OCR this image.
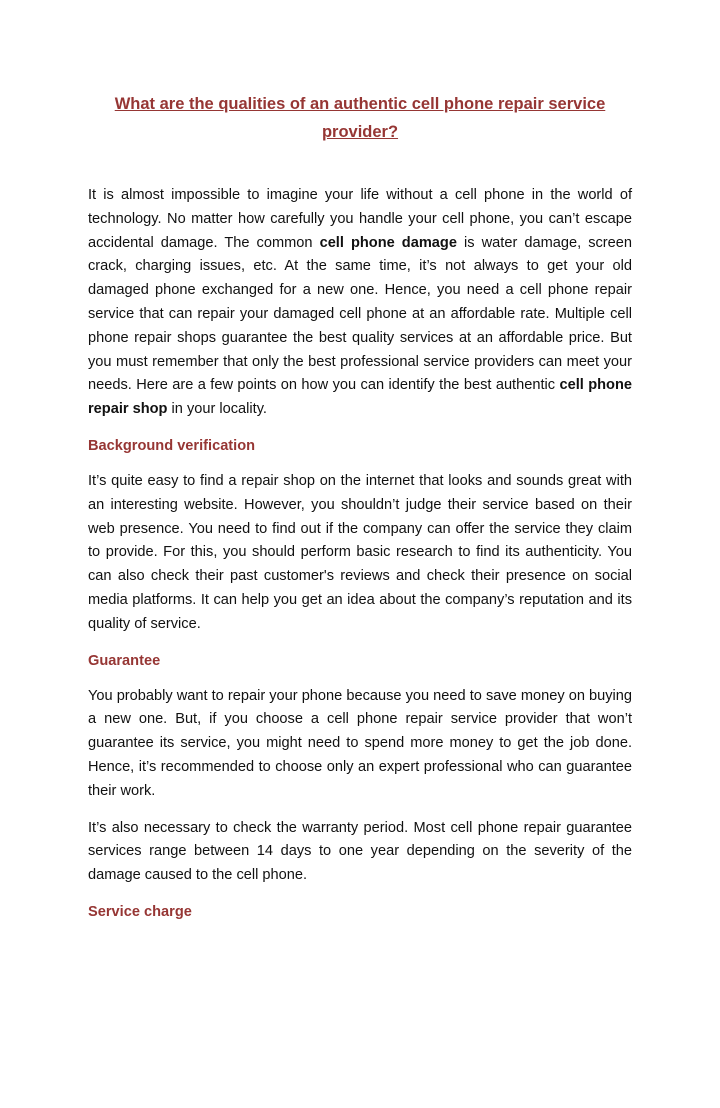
What are the qualities of an authentic cell phone repair service provider?

It is almost impossible to imagine your life without a cell phone in the world of technology. No matter how carefully you handle your cell phone, you can’t escape accidental damage. The common cell phone damage is water damage, screen crack, charging issues, etc. At the same time, it’s not always to get your old damaged phone exchanged for a new one. Hence, you need a cell phone repair service that can repair your damaged cell phone at an affordable rate. Multiple cell phone repair shops guarantee the best quality services at an affordable price. But you must remember that only the best professional service providers can meet your needs. Here are a few points on how you can identify the best authentic cell phone repair shop in your locality.

Background verification

It’s quite easy to find a repair shop on the internet that looks and sounds great with an interesting website. However, you shouldn’t judge their service based on their web presence. You need to find out if the company can offer the service they claim to provide. For this, you should perform basic research to find its authenticity. You can also check their past customer's reviews and check their presence on social media platforms. It can help you get an idea about the company’s reputation and its quality of service.

Guarantee

You probably want to repair your phone because you need to save money on buying a new one. But, if you choose a cell phone repair service provider that won’t guarantee its service, you might need to spend more money to get the job done. Hence, it’s recommended to choose only an expert professional who can guarantee their work.

It’s also necessary to check the warranty period. Most cell phone repair guarantee services range between 14 days to one year depending on the severity of the damage caused to the cell phone.

Service charge
